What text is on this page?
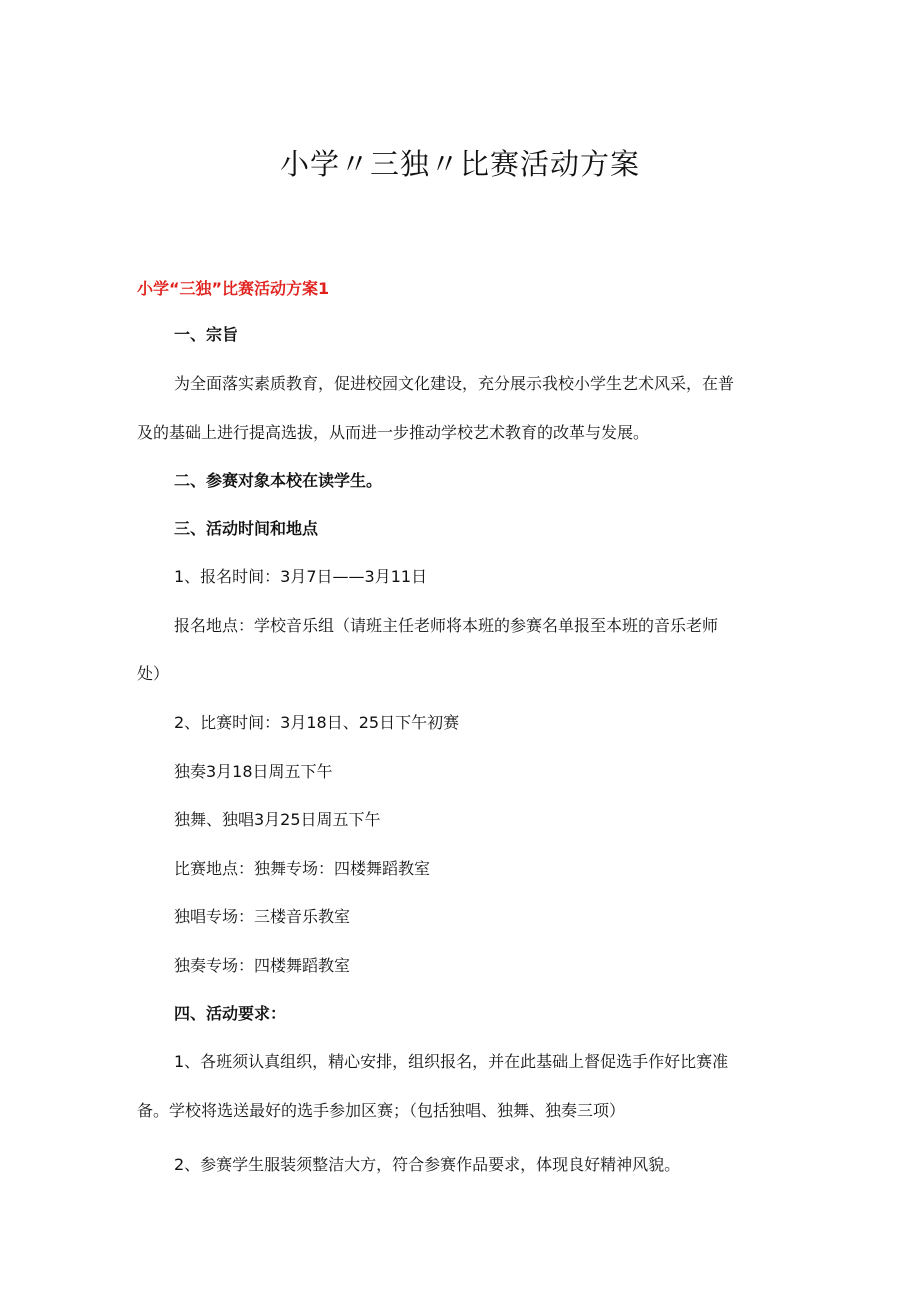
小学〃三独〃比赛活动方案
小学“三独”比赛活动方案1
一、宗旨
为全面落实素质教育，促进校园文化建设，充分展示我校小学生艺术风采，在普
及的基础上进行提高选拔，从而进一步推动学校艺术教育的改革与发展。
二、参赛对象本校在读学生。
三、活动时间和地点
1、报名时间：3月7日——3月11日
报名地点：学校音乐组（请班主任老师将本班的参赛名单报至本班的音乐老师
处）
2、比赛时间：3月18日、25日下午初赛
独奏3月18日周五下午
独舞、独唱3月25日周五下午
比赛地点：独舞专场：四楼舞蹈教室
独唱专场：三楼音乐教室
独奏专场：四楼舞蹈教室
四、活动要求：
1、各班须认真组织，精心安排，组织报名，并在此基础上督促选手作好比赛准
备。学校将选送最好的选手参加区赛；（包括独唱、独舞、独奏三项）
2、参赛学生服装须整洁大方，符合参赛作品要求，体现良好精神风貌。
